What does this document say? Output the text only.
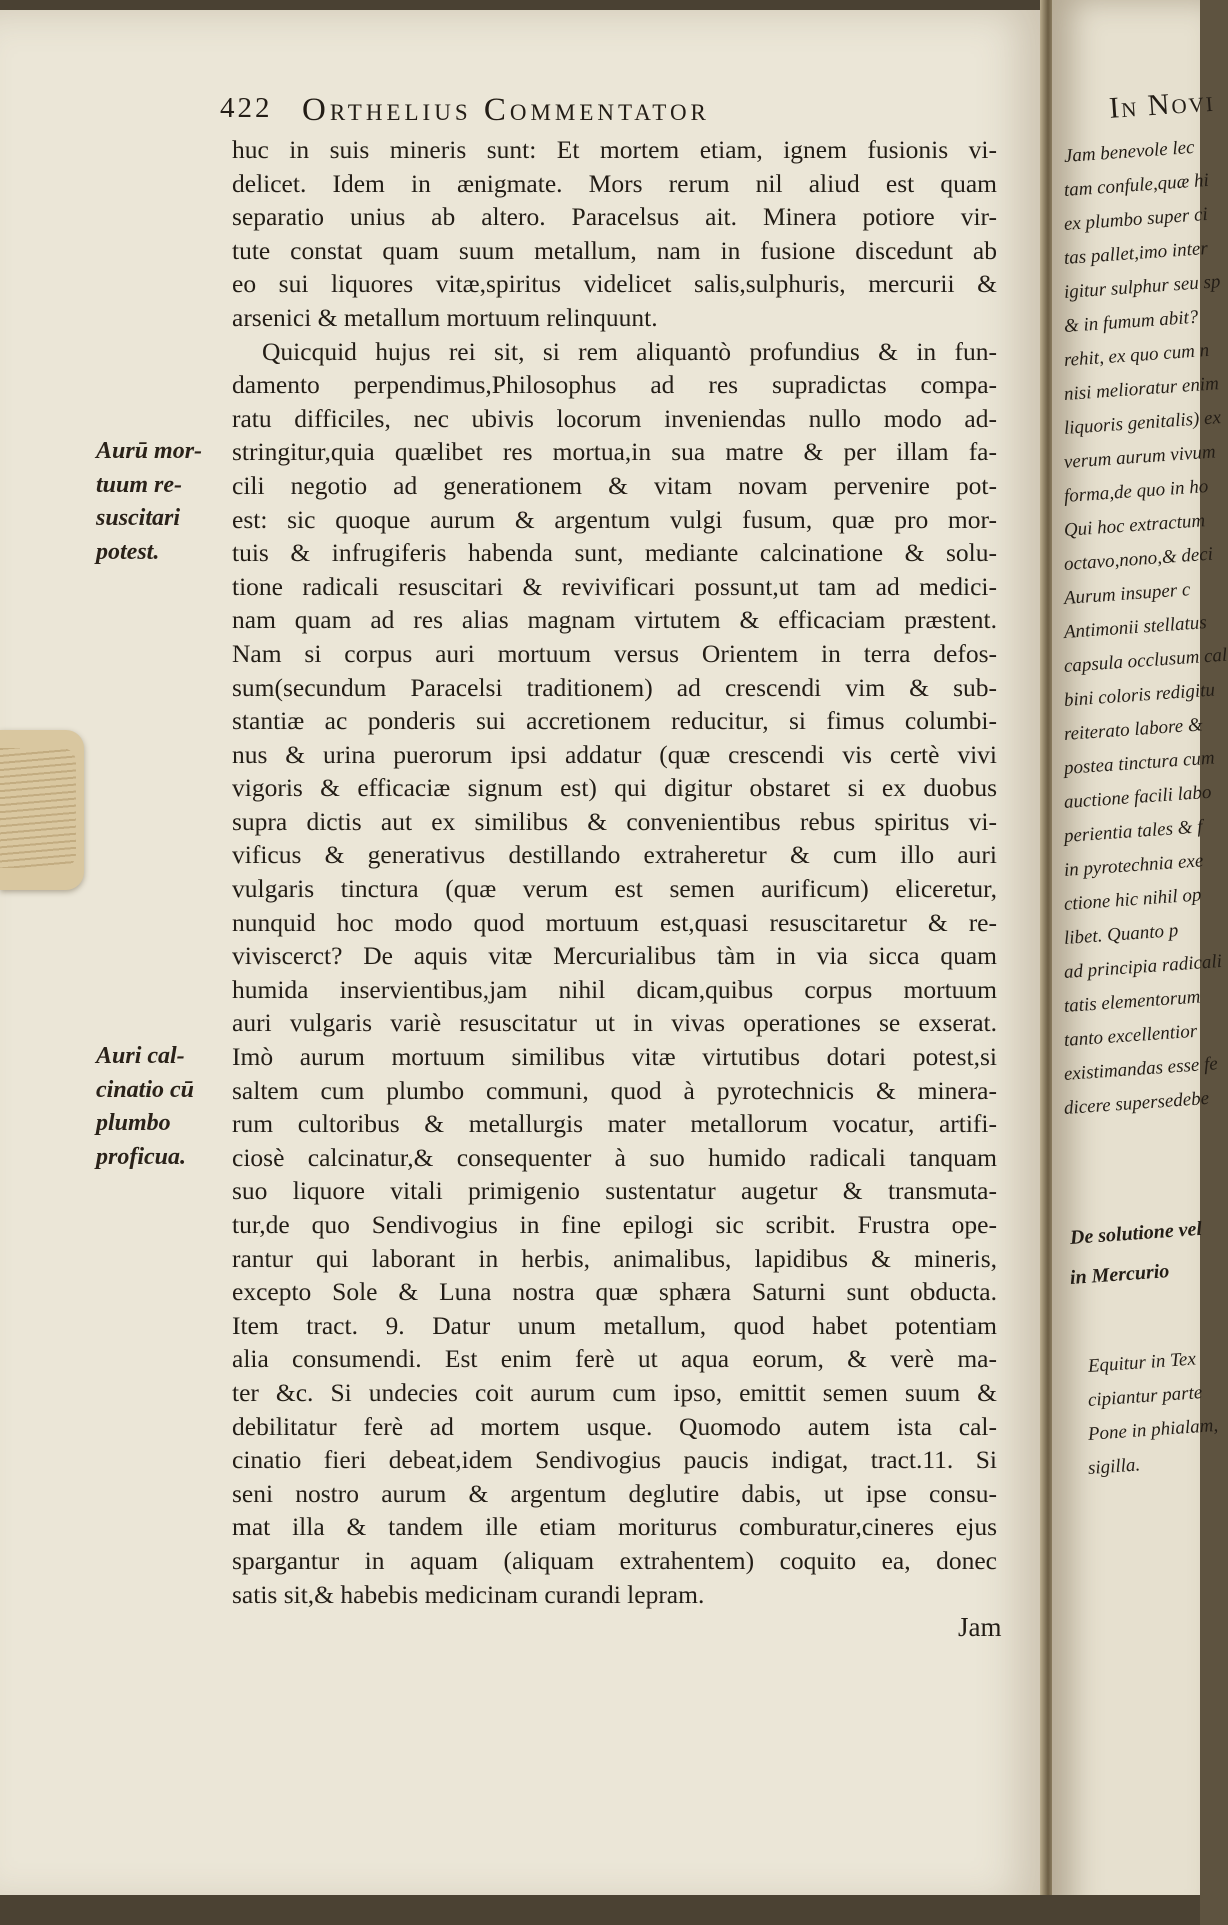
422 Orthelius Commentator
huc in suis mineris sunt: Et mortem etiam, ignem fusionis vi-
delicet. Idem in ænigmate. Mors rerum nil aliud est quam
separatio unius ab altero. Paracelsus ait. Minera potiore vir-
tute constat quam suum metallum, nam in fusione discedunt ab
eo sui liquores vitæ,spiritus videlicet salis,sulphuris, mercurii &
arsenici & metallum mortuum relinquunt.
Quicquid hujus rei sit, si rem aliquantò profundius & in fun-
damento perpendimus,Philosophus ad res supradictas compa-
ratu difficiles, nec ubivis locorum inveniendas nullo modo ad-
stringitur,quia quælibet res mortua,in sua matre & per illam fa-
cili negotio ad generationem & vitam novam pervenire pot-
est: sic quoque aurum & argentum vulgi fusum, quæ pro mor-
tuis & infrugiferis habenda sunt, mediante calcinatione & solu-
tione radicali resuscitari & revivificari possunt,ut tam ad medici-
nam quam ad res alias magnam virtutem & efficaciam præstent.
Nam si corpus auri mortuum versus Orientem in terra defos-
sum(secundum Paracelsi traditionem) ad crescendi vim & sub-
stantiæ ac ponderis sui accretionem reducitur, si fimus columbi-
nus & urina puerorum ipsi addatur (quæ crescendi vis certè vivi
vigoris & efficaciæ signum est) qui digitur obstaret si ex duobus
supra dictis aut ex similibus & convenientibus rebus spiritus vi-
vificus & generativus destillando extraheretur & cum illo auri
vulgaris tinctura (quæ verum est semen aurificum) eliceretur,
nunquid hoc modo quod mortuum est,quasi resuscitaretur & re-
viviscerct? De aquis vitæ Mercurialibus tàm in via sicca quam
humida inservientibus,jam nihil dicam,quibus corpus mortuum
auri vulgaris variè resuscitatur ut in vivas operationes se exserat.
Imò aurum mortuum similibus vitæ virtutibus dotari potest,si
saltem cum plumbo communi, quod à pyrotechnicis & minera-
rum cultoribus & metallurgis mater metallorum vocatur, artifi-
ciosè calcinatur,& consequenter à suo humido radicali tanquam
suo liquore vitali primigenio sustentatur augetur & transmuta-
tur,de quo Sendivogius in fine epilogi sic scribit. Frustra ope-
rantur qui laborant in herbis, animalibus, lapidibus & mineris,
excepto Sole & Luna nostra quæ sphæra Saturni sunt obducta.
Item tract. 9. Datur unum metallum, quod habet potentiam
alia consumendi. Est enim ferè ut aqua eorum, & verè ma-
ter &c. Si undecies coit aurum cum ipso, emittit semen suum &
debilitatur ferè ad mortem usque. Quomodo autem ista cal-
cinatio fieri debeat,idem Sendivogius paucis indigat, tract.11. Si
seni nostro aurum & argentum deglutire dabis, ut ipse consu-
mat illa & tandem ille etiam moriturus comburatur,cineres ejus
spargantur in aquam (aliquam extrahentem) coquito ea, donec
satis sit,& habebis medicinam curandi lepram.
Aurū mor-
tuum re-
suscitari
potest.
Auri cal-
cinatio cū
plumbo
proficua.
Jam
In Novi
Jam benevole lec
tam confule,quæ hi
ex plumbo super ci
tas pallet,imo inter
igitur sulphur seu sp
& in fumum abit?
rehit, ex quo cum n
nisi melioratur enim
liquoris genitalis) ex
verum aurum vivum
forma,de quo in ho
Qui hoc extractum
octavo,nono,& deci
Aurum insuper c
Antimonii stellatus
capsula occlusum cal
bini coloris redigitu
reiterato labore &
postea tinctura cum
auctione facili labo
perientia tales & f
in pyrotechnia exe
ctione hic nihil op
libet. Quanto p
ad principia radicali
tatis elementorum
tanto excellentior
existimandas esse fe
dicere supersedebe
De solutione vel
in Mercurio
Equitur in Tex
cipiantur parte
Pone in phialam,
sigilla.
